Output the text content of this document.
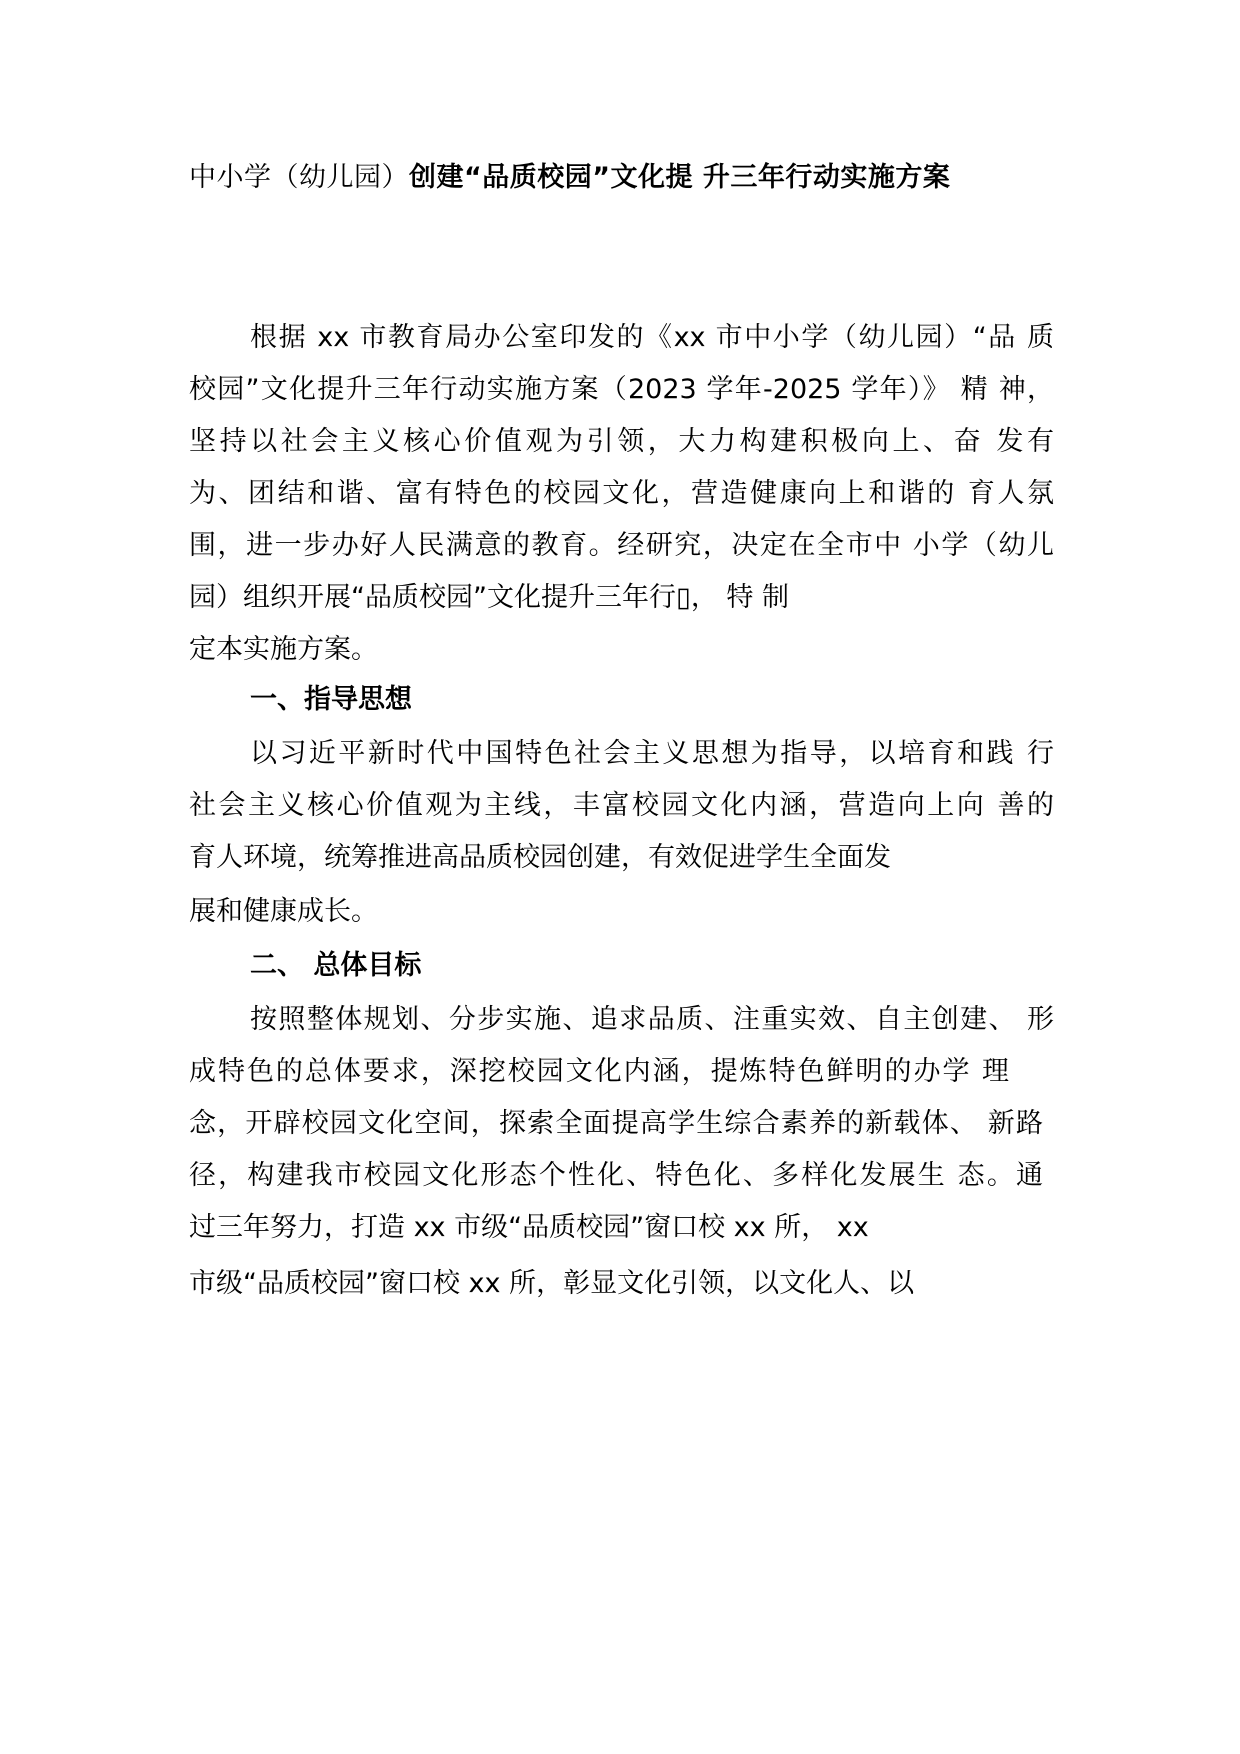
中小学（幼儿园）创建“品质校园”文化提 升三年行动实施方案
根据 xx 市教育局办公室印发的《xx 市中小学（幼儿园）“品 质
校园”文化提升三年行动实施方案（2023 学年-2025 学年）》 精 神，
坚持以社会主义核心价值观为引领，大力构建积极向上、奋 发有
为、团结和谐、富有特色的校园文化，营造健康向上和谐的 育人氛
围，进一步办好人民满意的教育。经研究，决定在全市中 小学（幼儿
园）组织开展“品质校园”文化提升三年行▯， 特 制
定本实施方案。
一、指导思想
以习近平新时代中国特色社会主义思想为指导，以培育和践 行
社会主义核心价值观为主线，丰富校园文化内涵，营造向上向 善的
育人环境，统筹推进高品质校园创建，有效促进学生全面发
展和健康成长。
二、 总体目标
按照整体规划、分步实施、追求品质、注重实效、自主创建、 形
成特色的总体要求，深挖校园文化内涵，提炼特色鲜明的办学 理
念，开辟校园文化空间，探索全面提高学生综合素养的新载体、 新路
径，构建我市校园文化形态个性化、特色化、多样化发展生 态。通
过三年努力，打造 xx 市级“品质校园”窗口校 xx 所， xx
市级“品质校园”窗口校 xx 所，彰显文化引领，以文化人、以
